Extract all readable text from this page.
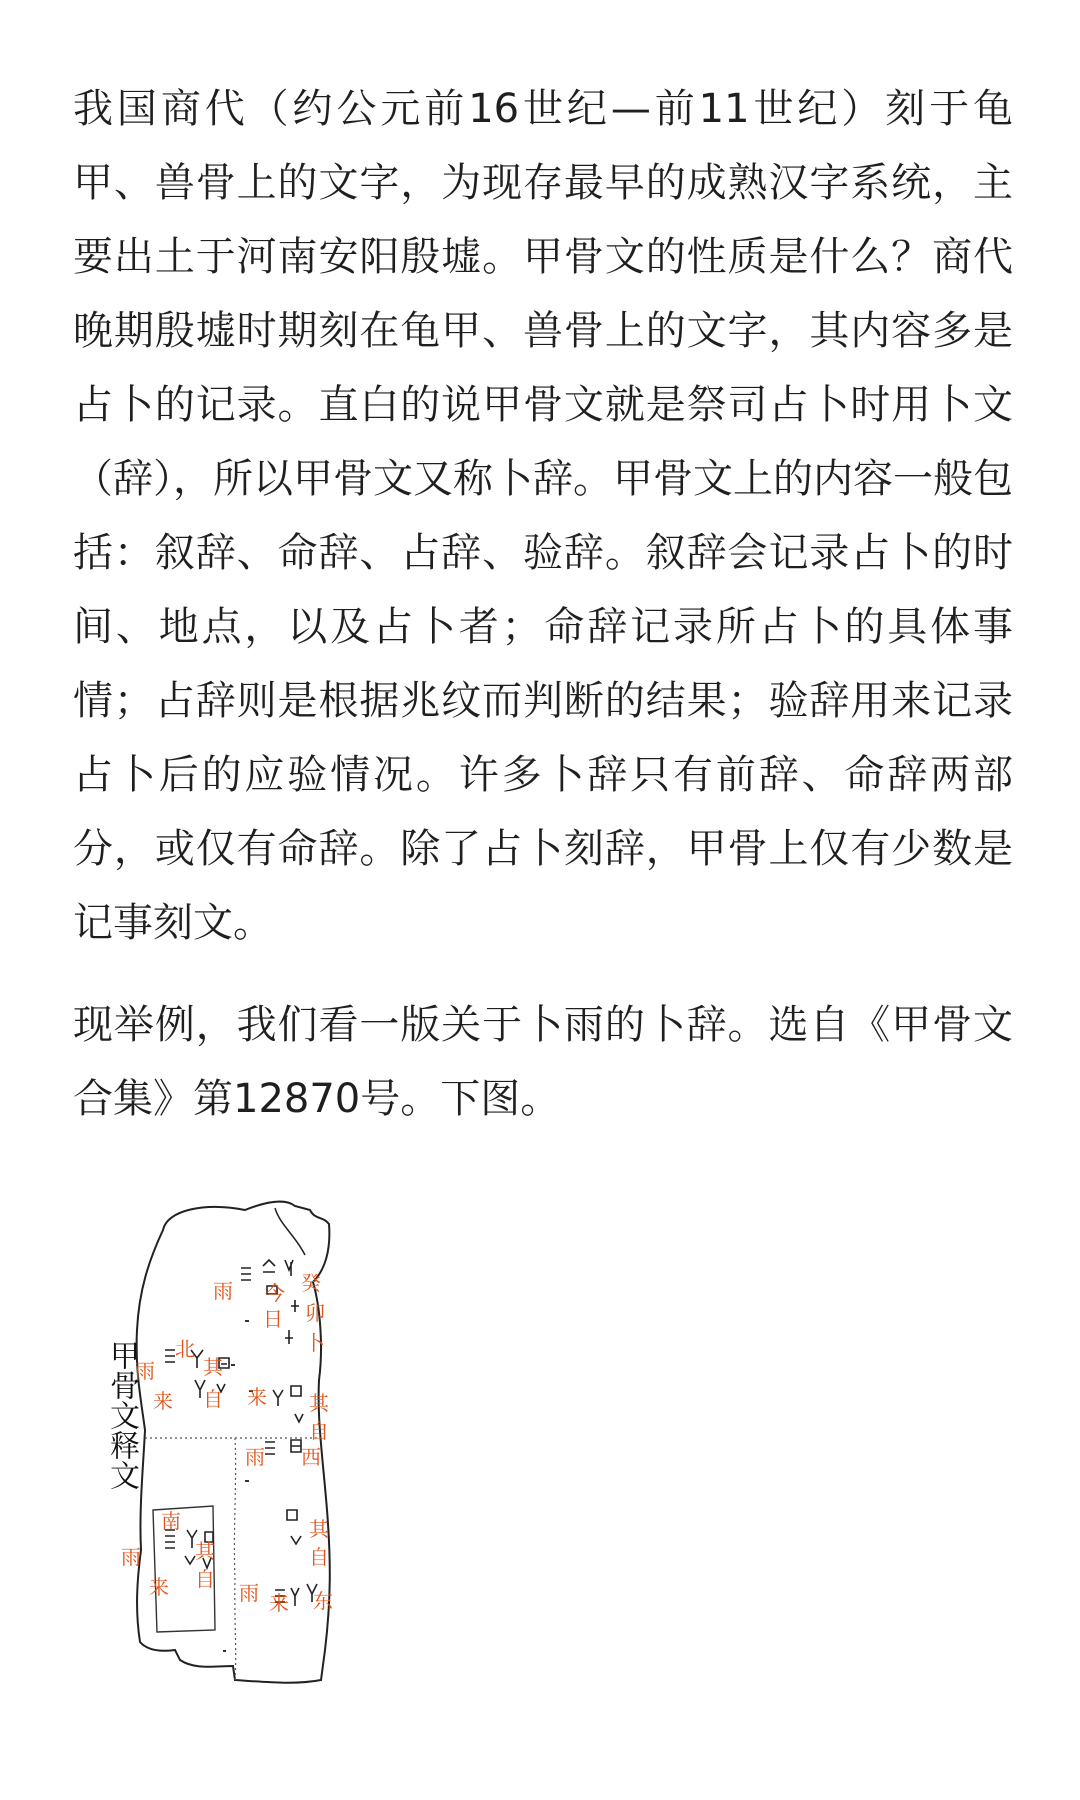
我国商代（约公元前16世纪—前11世纪）刻于龟甲、兽骨上的文字，为现存最早的成熟汉字系统，主要出土于河南安阳殷墟。甲骨文的性质是什么？商代晚期殷墟时期刻在龟甲、兽骨上的文字，其内容多是占卜的记录。直白的说甲骨文就是祭司占卜时用卜文（辞），所以甲骨文又称卜辞。甲骨文上的内容一般包括：叙辞、命辞、占辞、验辞。叙辞会记录占卜的时间、地点，以及占卜者；命辞记录所占卜的具体事情；占辞则是根据兆纹而判断的结果；验辞用来记录占卜后的应验情况。许多卜辞只有前辞、命辞两部分，或仅有命辞。除了占卜刻辞，甲骨上仅有少数是记事刻文。

现举例，我们看一版关于卜雨的卜辞。选自《甲骨文合集》第12870号。下图。

甲骨文释文
雨 今
日
癸
卯
卜
北
雨 其
来 自 来 其
自
雨 西
南
雨	其
来 自
其
自
雨 来 东
